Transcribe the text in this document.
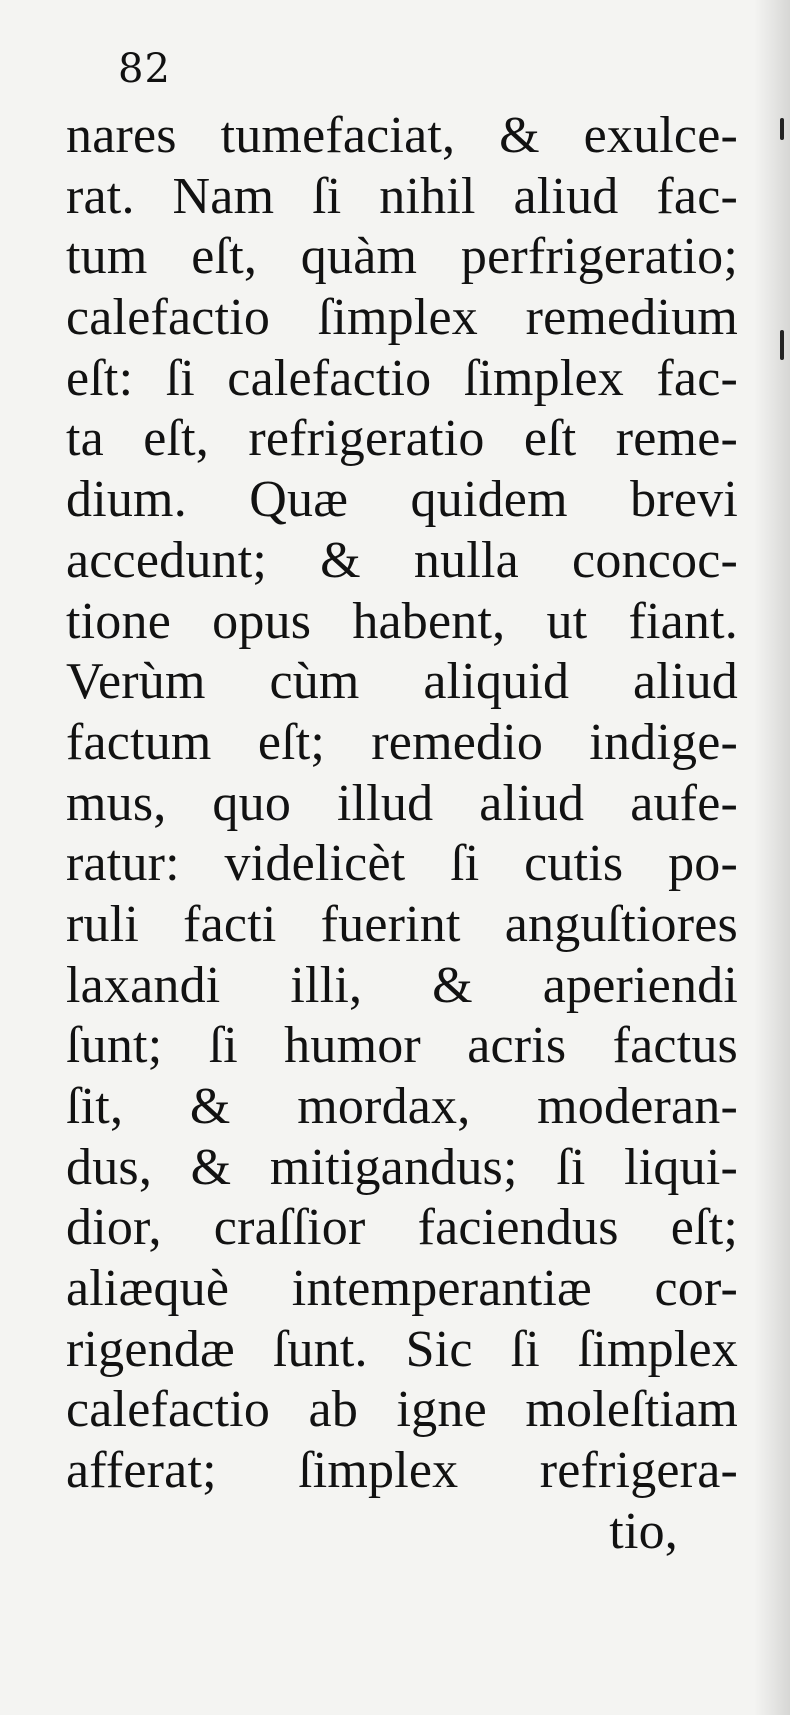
82
nares tumefaciat, & exulce-
rat. Nam ſi nihil aliud fac-
tum eſt, quàm perfrigeratio;
calefactio ſimplex remedium
eſt: ſi calefactio ſimplex fac-
ta eſt, refrigeratio eſt reme-
dium. Quæ quidem brevi
accedunt; & nulla concoc-
tione opus habent, ut fiant.
Verùm cùm aliquid aliud
factum eſt; remedio indige-
mus, quo illud aliud aufe-
ratur: videlicèt ſi cutis po-
ruli facti fuerint anguſtiores
laxandi illi, & aperiendi
ſunt; ſi humor acris factus
ſit, & mordax, moderan-
dus, & mitigandus; ſi liqui-
dior, craſſior faciendus eſt;
aliæquè intemperantiæ cor-
rigendæ ſunt. Sic ſi ſimplex
calefactio ab igne moleſtiam
afferat; ſimplex refrigera-
tio,
